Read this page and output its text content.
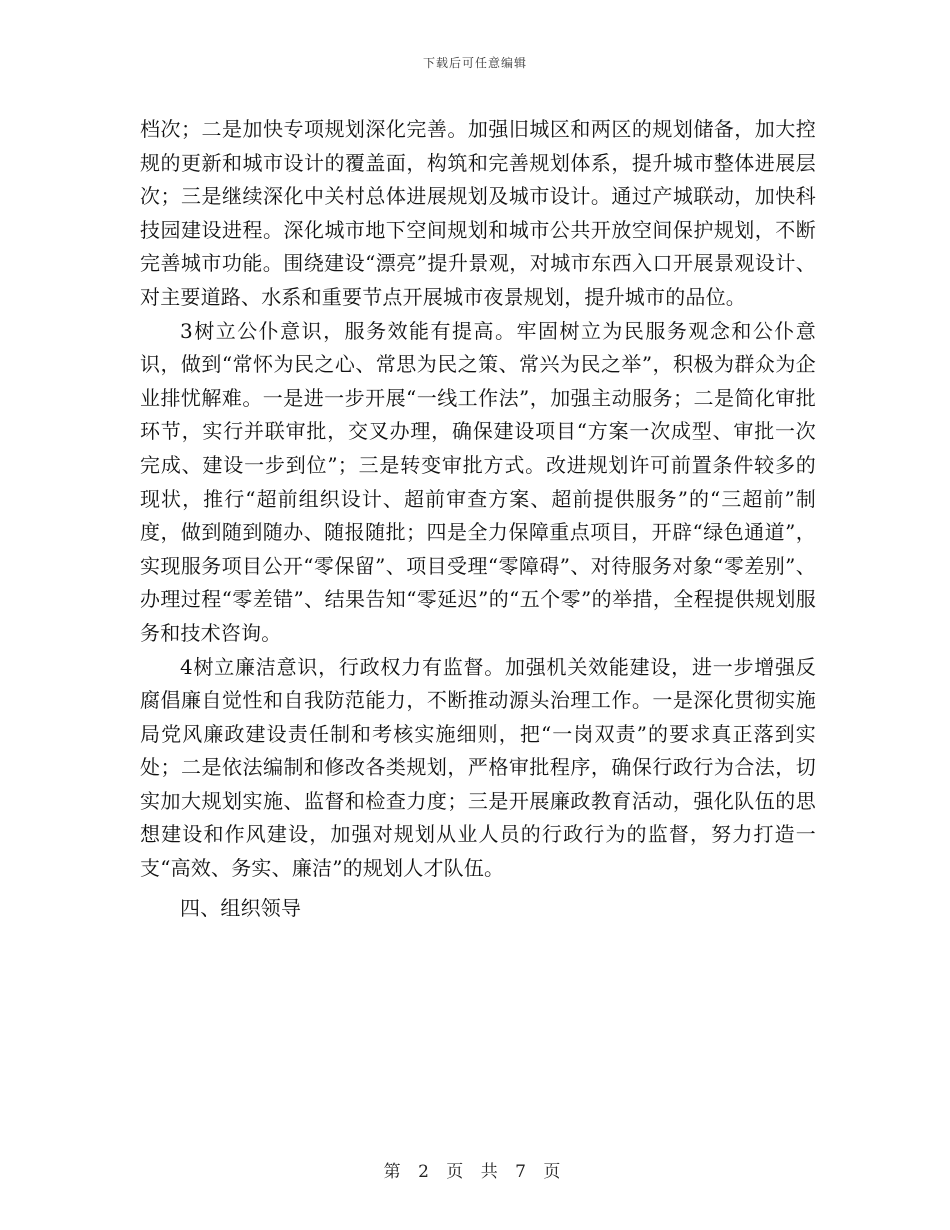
下载后可任意编辑

档次；二是加快专项规划深化完善。加强旧城区和两区的规划储备，加大控规的更新和城市设计的覆盖面，构筑和完善规划体系，提升城市整体进展层次；三是继续深化中关村总体进展规划及城市设计。通过产城联动，加快科技园建设进程。深化城市地下空间规划和城市公共开放空间保护规划，不断完善城市功能。围绕建设“漂亮”提升景观，对城市东西入口开展景观设计、对主要道路、水系和重要节点开展城市夜景规划，提升城市的品位。

3树立公仆意识，服务效能有提高。牢固树立为民服务观念和公仆意识，做到“常怀为民之心、常思为民之策、常兴为民之举”，积极为群众为企业排忧解难。一是进一步开展“一线工作法”，加强主动服务；二是简化审批环节，实行并联审批，交叉办理，确保建设项目“方案一次成型、审批一次完成、建设一步到位”；三是转变审批方式。改进规划许可前置条件较多的现状，推行“超前组织设计、超前审查方案、超前提供服务”的“三超前”制度，做到随到随办、随报随批；四是全力保障重点项目，开辟“绿色通道”，实现服务项目公开“零保留”、项目受理“零障碍”、对待服务对象“零差别”、办理过程“零差错”、结果告知“零延迟”的“五个零”的举措，全程提供规划服务和技术咨询。

4树立廉洁意识，行政权力有监督。加强机关效能建设，进一步增强反腐倡廉自觉性和自我防范能力，不断推动源头治理工作。一是深化贯彻实施局党风廉政建设责任制和考核实施细则，把“一岗双责”的要求真正落到实处；二是依法编制和修改各类规划，严格审批程序，确保行政行为合法，切实加大规划实施、监督和检查力度；三是开展廉政教育活动，强化队伍的思想建设和作风建设，加强对规划从业人员的行政行为的监督，努力打造一支“高效、务实、廉洁”的规划人才队伍。

四、组织领导

第 2 页 共 7 页
